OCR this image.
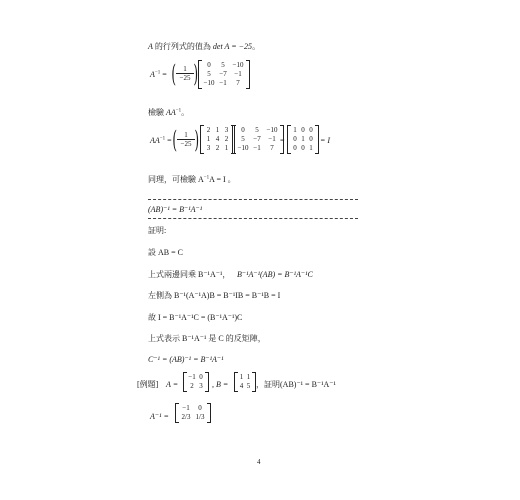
A 的行列式的值為 det A = −25。
$A^{-1}$ = ( $\frac{1}{-25}$ )	0	5	−10
5	−7	−1
−10 −1	7
檢驗 $AA^{-1}$。
$AA^{-1}$ = ( $\frac{1}{-25}$ )	2 1 3
1 4 2
3 2 1
0	5	−10
5	−7	−1
−10 −1	7
=
1 0 0
0 1 0
0 0 1
= I
同理，可檢驗 $A^{-1}A = I$ 。
(AB)⁻¹ = B⁻¹A⁻¹
証明:
設 AB = C
上式兩邊同乘 B⁻¹A⁻¹， B⁻¹A⁻¹(AB) = B⁻¹A⁻¹C
左側為 B⁻¹(A⁻¹A)B = B⁻¹IB = B⁻¹B = I
故 I = B⁻¹A⁻¹C = (B⁻¹A⁻¹)C
上式表示 B⁻¹A⁻¹ 是 C 的反矩陣，
C⁻¹ = (AB)⁻¹ = B⁻¹A⁻¹
[例題] A =
−1 0
2 3 , B =
1 1
4 5 ，証明(AB)⁻¹ = B⁻¹A⁻¹
A⁻¹ =
−1	0
2/3 1/3
4
